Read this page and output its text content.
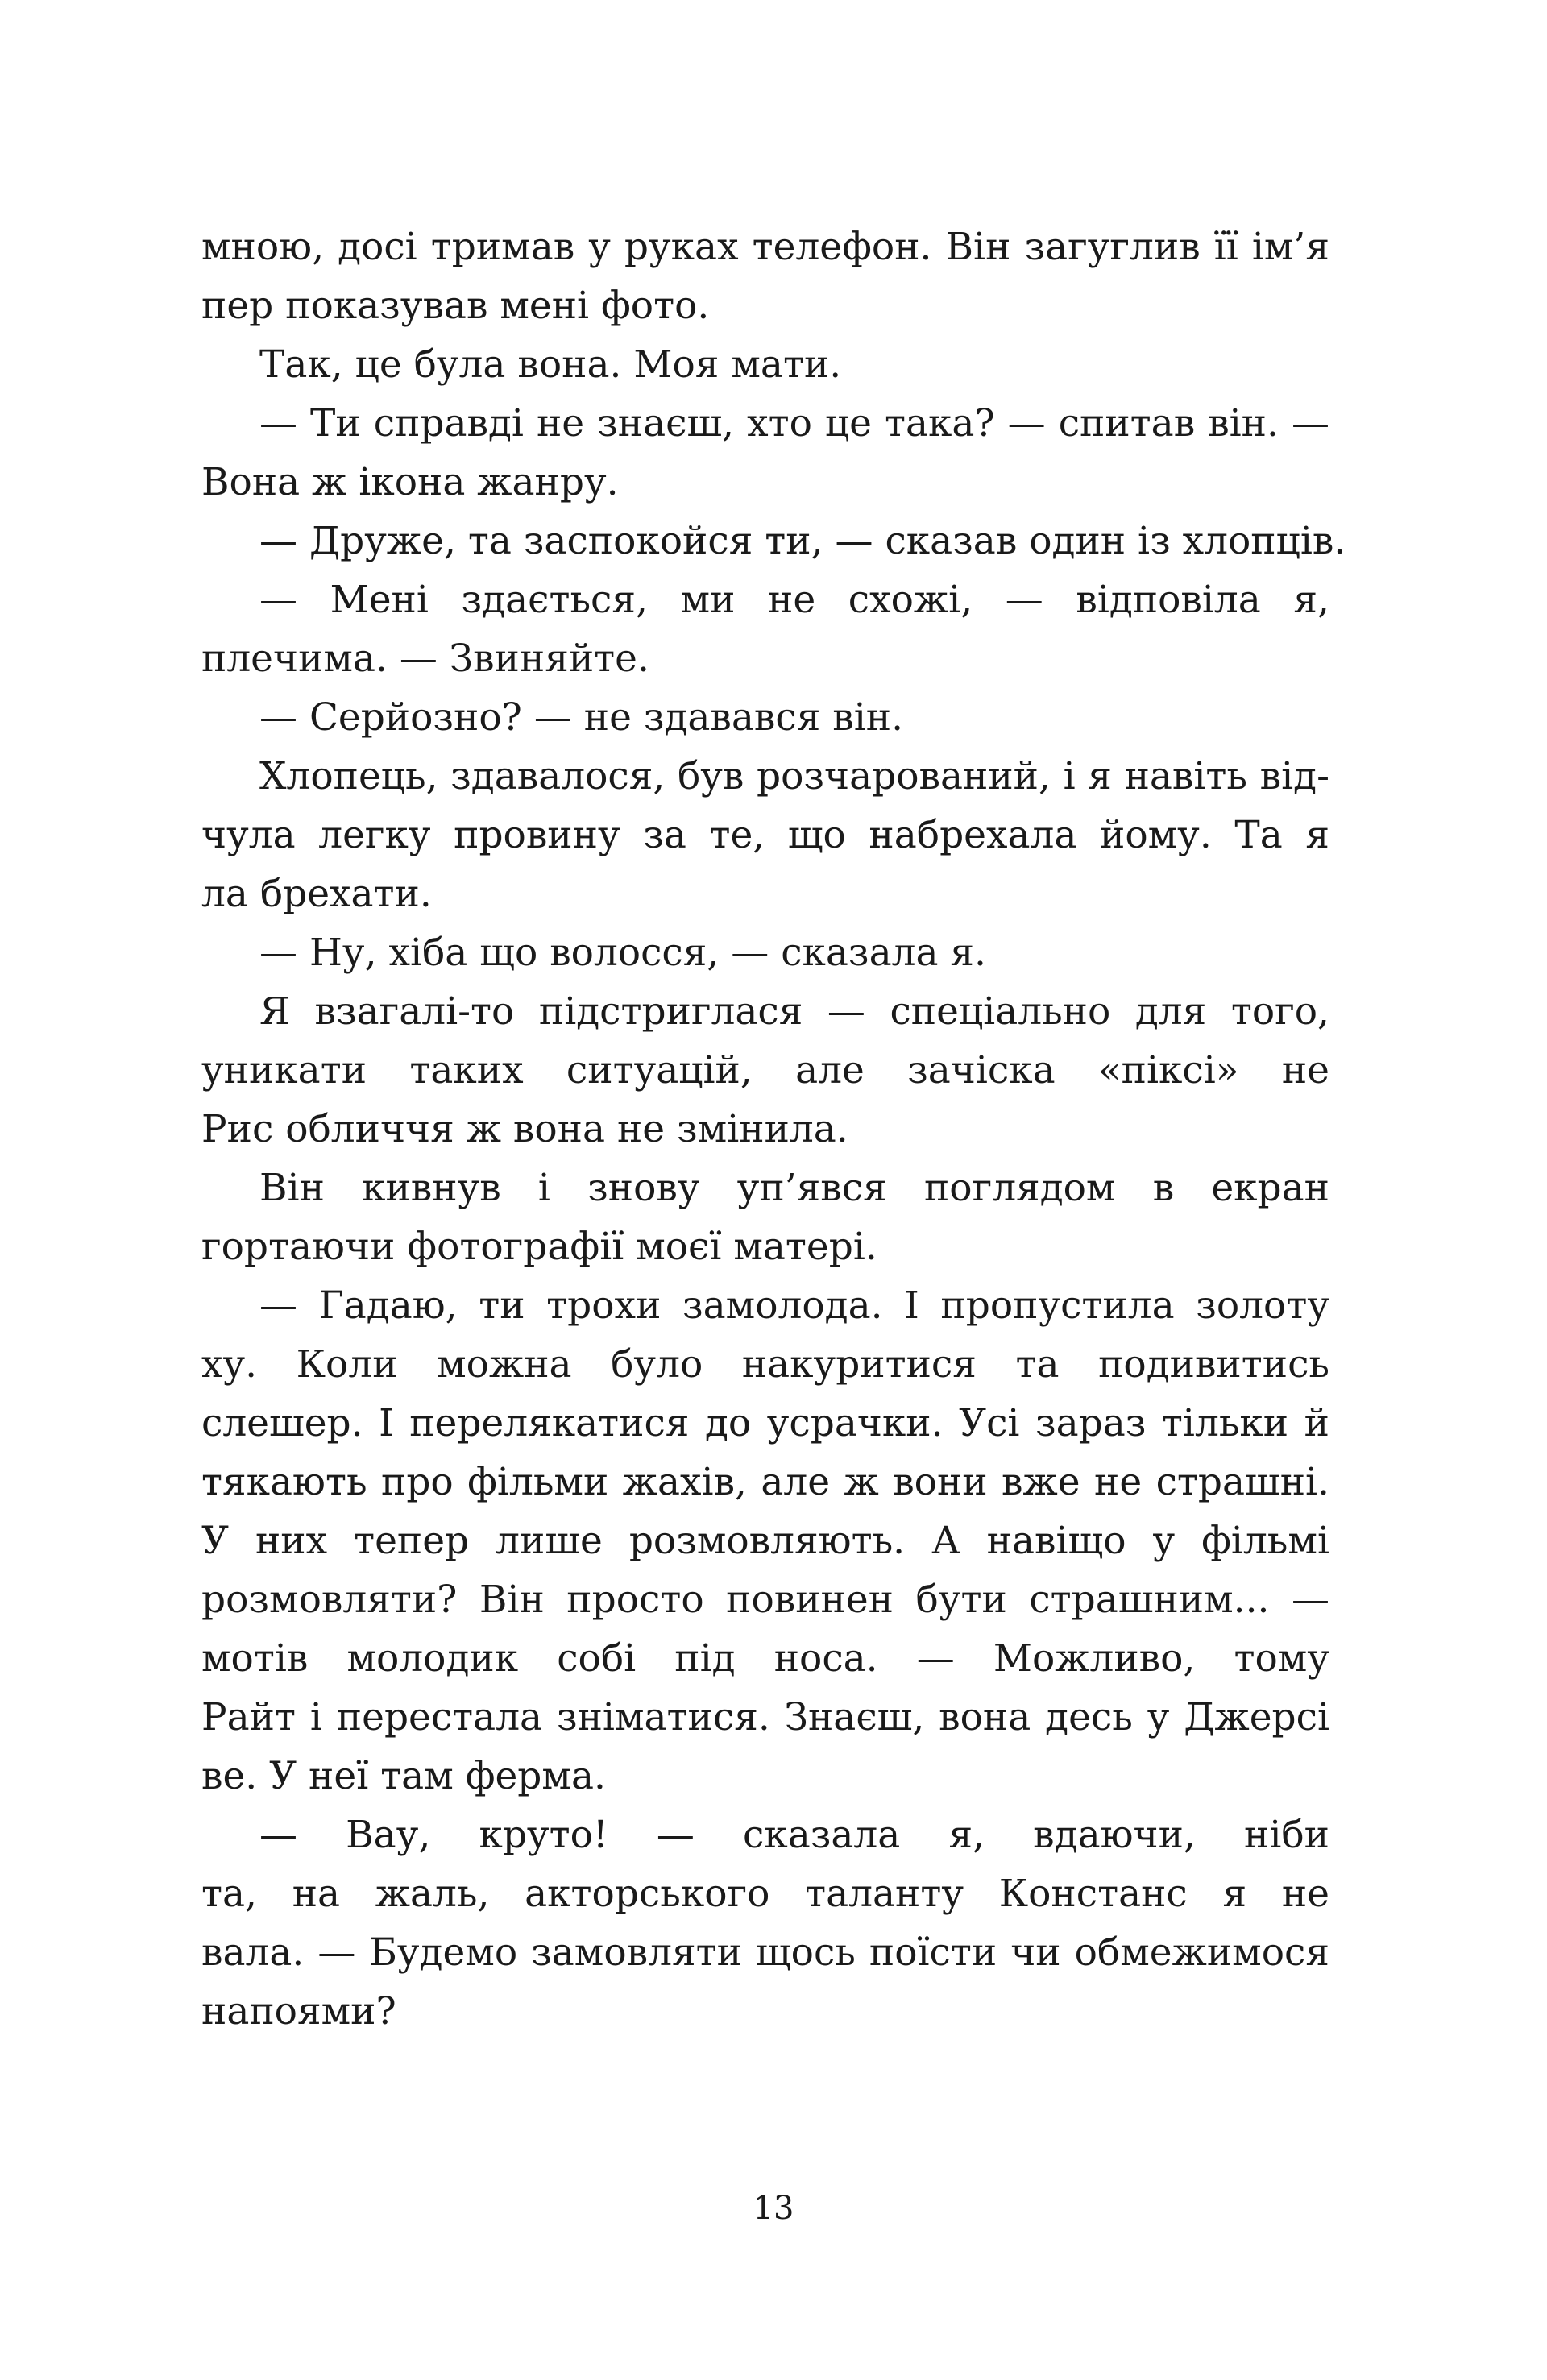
мною, досі тримав у руках телефон. Він загуглив її ім’я
пер показував мені фото.
Так, це була вона. Моя мати.
— Ти справді не знаєш, хто це така? — спитав він. —
Вона ж ікона жанру.
— Друже, та заспокойся ти, — сказав один із хлопців.
— Мені здається, ми не схожі, — відповіла я,
плечима. — Звиняйте.
— Серйозно? — не здавався він.
Хлопець, здавалося, був розчарований, і я навіть від-
чула легку провину за те, що набрехала йому. Та я
ла брехати.
— Ну, хіба що волосся, — сказала я.
Я взагалі-то підстриглася — спеціально для того,
уникати таких ситуацій, але зачіска «піксі» не
Рис обличчя ж вона не змінила.
Він кивнув і знову уп’явся поглядом в екран
гортаючи фотографії моєї матері.
— Гадаю, ти трохи замолода. І пропустила золоту
ху. Коли можна було накуритися та подивитись
слешер. І перелякатися до усрачки. Усі зараз тільки й
тякають про фільми жахів, але ж вони вже не страшні.
У них тепер лише розмовляють. А навіщо у фільмі
розмовляти? Він просто повинен бути страшним... —
мотів молодик собі під носа. — Можливо, тому
Райт і перестала зніматися. Знаєш, вона десь у Джерсі
ве. У неї там ферма.
— Вау, круто! — сказала я, вдаючи, ніби
та, на жаль, акторського таланту Констанс я не
вала. — Будемо замовляти щось поїсти чи обмежимося
напоями?
13
